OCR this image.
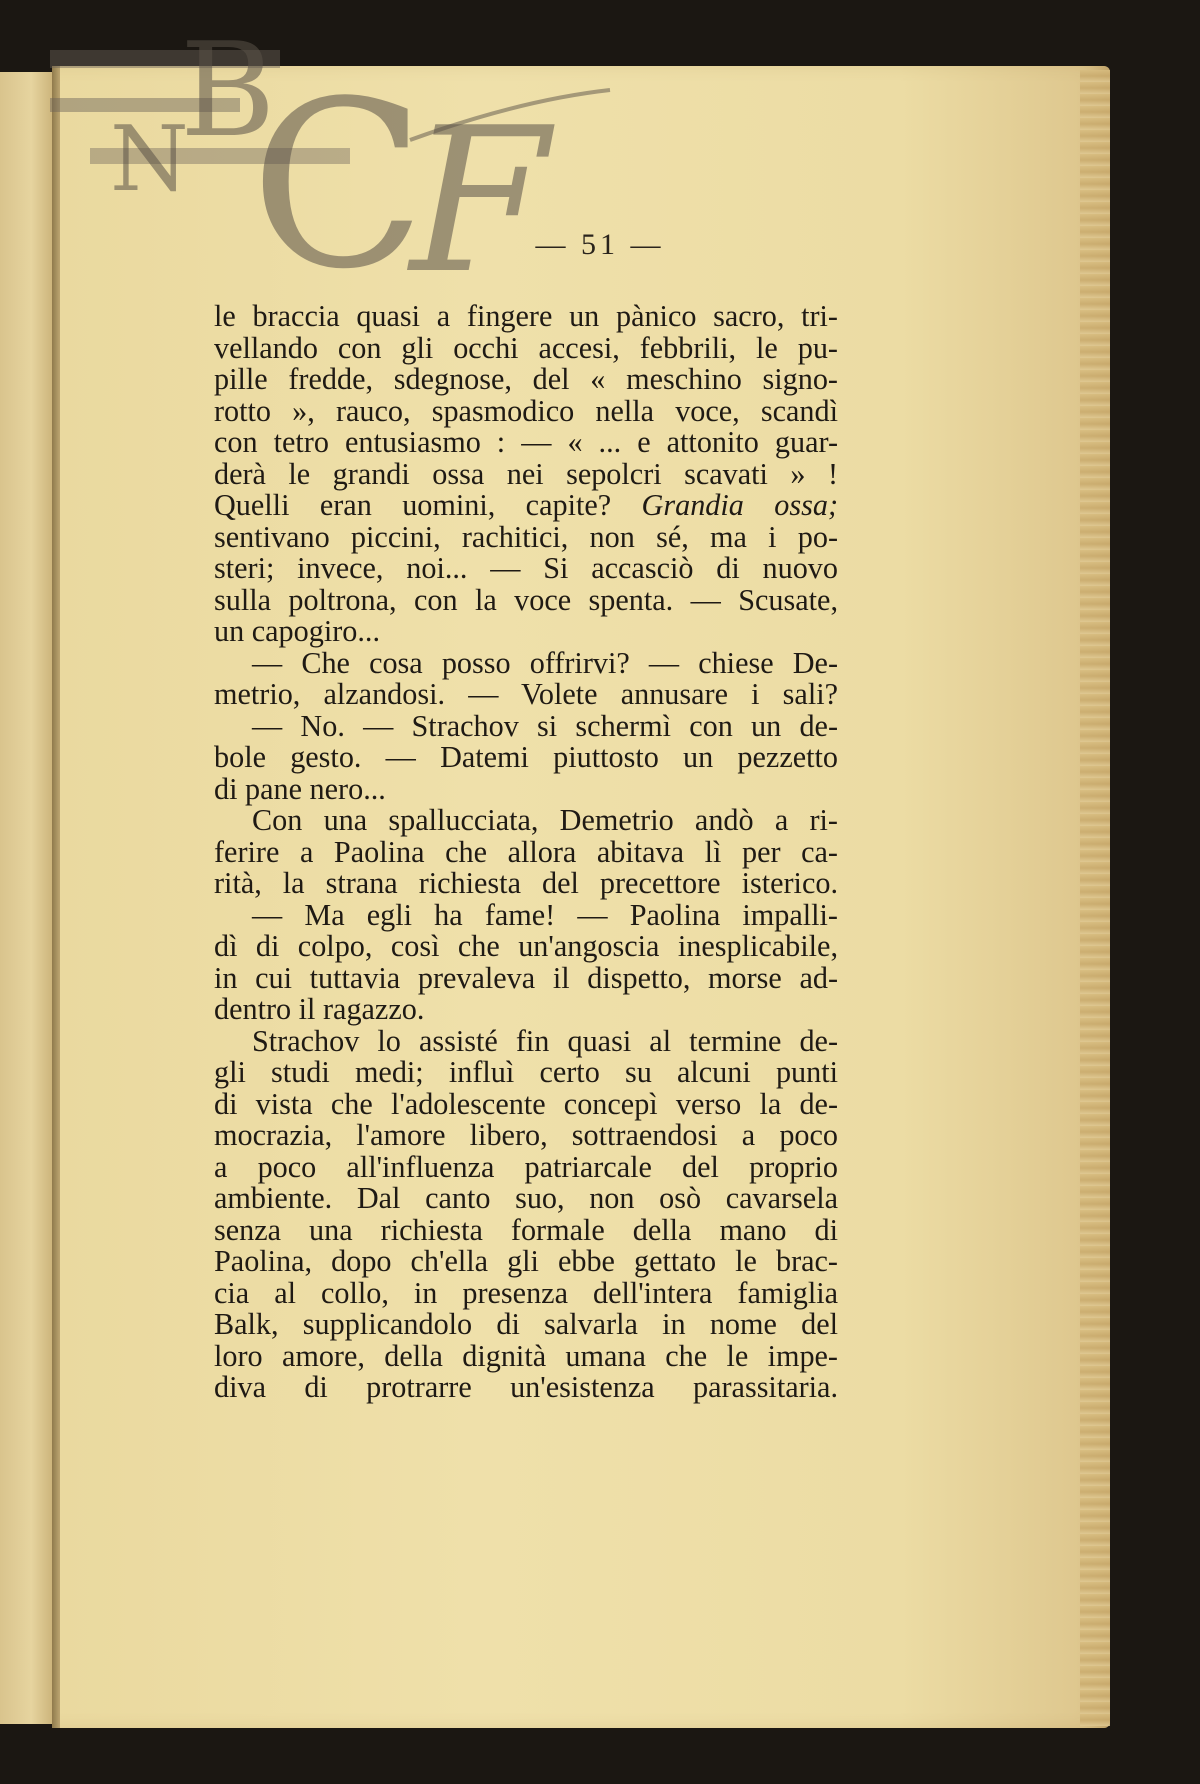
N
B
C
F
— 51 —
le braccia quasi a fingere un pànico sacro, tri-
vellando con gli occhi accesi, febbrili, le pu-
pille fredde, sdegnose, del « meschino signo-
rotto », rauco, spasmodico nella voce, scandì
con tetro entusiasmo : — « ... e attonito guar-
derà le grandi ossa nei sepolcri scavati » !
Quelli eran uomini, capite? Grandia ossa;
sentivano piccini, rachitici, non sé, ma i po-
steri; invece, noi... — Si accasciò di nuovo
sulla poltrona, con la voce spenta. — Scusate,
un capogiro...
— Che cosa posso offrirvi? — chiese De-
metrio, alzandosi. — Volete annusare i sali?
— No. — Strachov si schermì con un de-
bole gesto. — Datemi piuttosto un pezzetto
di pane nero...
Con una spallucciata, Demetrio andò a ri-
ferire a Paolina che allora abitava lì per ca-
rità, la strana richiesta del precettore isterico.
— Ma egli ha fame! — Paolina impalli-
dì di colpo, così che un'angoscia inesplicabile,
in cui tuttavia prevaleva il dispetto, morse ad-
dentro il ragazzo.
Strachov lo assisté fin quasi al termine de-
gli studi medi; influì certo su alcuni punti
di vista che l'adolescente concepì verso la de-
mocrazia, l'amore libero, sottraendosi a poco
a poco all'influenza patriarcale del proprio
ambiente. Dal canto suo, non osò cavarsela
senza una richiesta formale della mano di
Paolina, dopo ch'ella gli ebbe gettato le brac-
cia al collo, in presenza dell'intera famiglia
Balk, supplicandolo di salvarla in nome del
loro amore, della dignità umana che le impe-
diva di protrarre un'esistenza parassitaria.
